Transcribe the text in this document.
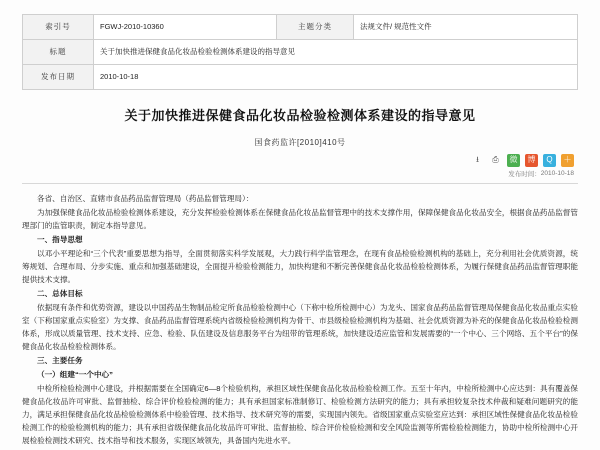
索引号	FGWJ-2010-10360	主题分类	法规文件/ 规范性文件
标题	关于加快推进保健食品化妆品检验检测体系建设的指导意见		
发布日期	2010-10-18		
关于加快推进保健食品化妆品检验检测体系建设的指导意见
国食药监许[2010]410号
⭳	⎙	微	博	Q	＋
发布时间： 2010-10-18

各省、自治区、直辖市食品药品监督管理局（药品监督管理局）：

为加强保健食品化妆品检验检测体系建设，充分发挥检验检测体系在保健食品化妆品监督管理中的技术支撑作用，保障保健食品化妆品安全，根据食品药品监督管理部门的监管职责，制定本指导意见。

一、指导思想

以邓小平理论和“三个代表”重要思想为指导，全面贯彻落实科学发展观，大力践行科学监管理念，在现有食品检验检测机构的基础上，充分利用社会优质资源，统筹规划、合理布局、分步实施、重点和加强基础建设，全面提升检验检测能力，加快构建和不断完善保健食品化妆品检验检测体系，为履行保健食品药品监督管理职能提供技术支撑。

二、总体目标

依据现有条件和优势资源，建设以中国药品生物制品检定所食品检验检测中心（下称中检所检测中心）为龙头、国家食品药品监督管理局保健食品化妆品重点实验室（下称国家重点实验室）为支撑、食品药品监督管理系统内省级检验检测机构为骨干、市县级检验检测机构为基础、社会优质资源为补充的保健食品化妆品检验检测体系，形成以质量管理、技术支持、应急、检验、队伍建设及信息服务平台为纽带的管理系统，加快建设适应监管和发展需要的“一个中心、三个网络、五个平台”的保健食品化妆品检验检测体系。

三、主要任务

（一）组建“一个中心”

中检所检验检测中心建设，并根据需要在全国确定6—8个检验机构，承担区域性保健食品化妆品检验检测工作。五至十年内，中检所检测中心应达到：具有覆盖保健食品化妆品许可审批、监督抽检、综合评价检验检测的能力；具有承担国家标准制修订、检验检测方法研究的能力；具有承担较复杂技术仲裁和疑难问题研究的能力，满足承担保健食品化妆品检验检测体系中检验管理、技术指导、技术研究等的需要，实现国内领先。省级国家重点实验室应达到：承担区域性保健食品化妆品检验检测工作的检验检测机构的能力；具有承担省级保健食品化妆品许可审批、监督抽检、综合评价检验检测和安全风险监测等所需检验检测能力，协助中检所检测中心开展检验检测技术研究、技术指导和技术服务，实现区域领先，具备国内先进水平。
